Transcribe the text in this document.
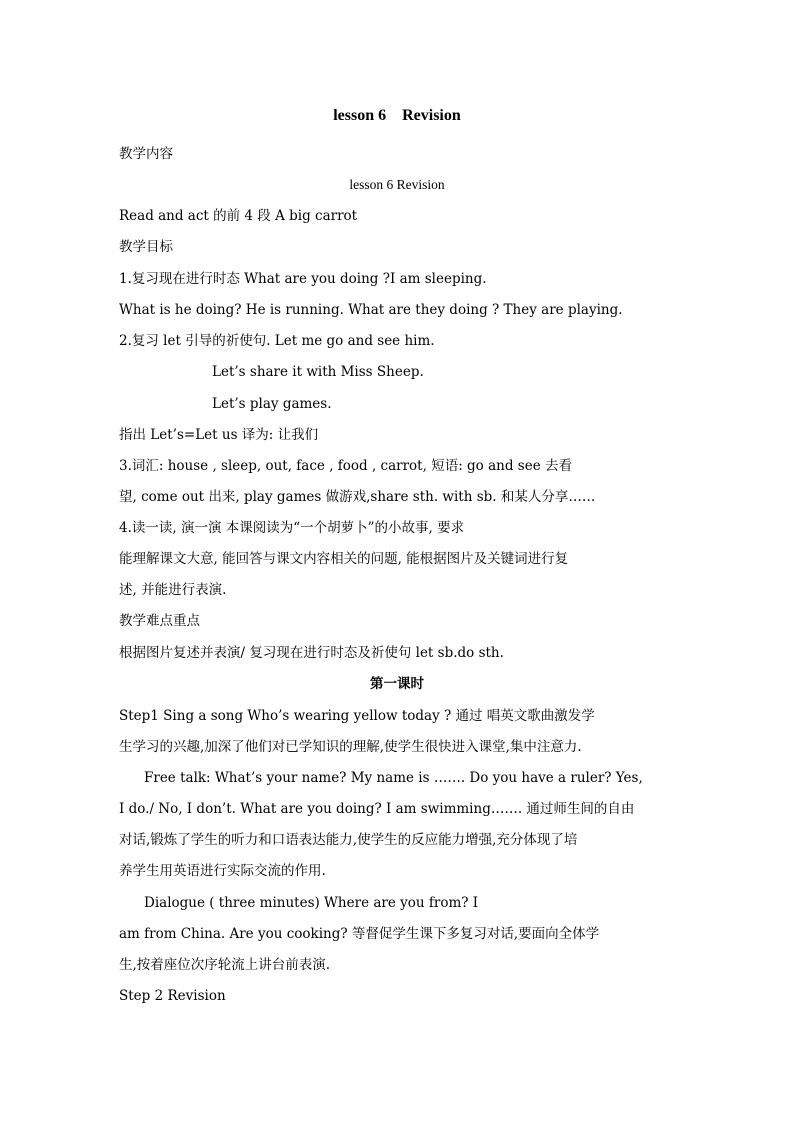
lesson 6    Revision
教学内容
lesson 6 Revision
Read and act 的前 4 段 A big carrot
教学目标
1.复习现在进行时态 What are you doing ?I am sleeping.
What is he doing? He is running. What are they doing ? They are playing.
2.复习 let 引导的祈使句. Let me go and see him.
Let’s share it with Miss Sheep.
Let’s play games.
指出 Let’s=Let us 译为: 让我们
3.词汇: house , sleep, out, face , food , carrot, 短语: go and see 去看
望, come out 出来, play games 做游戏,share sth. with sb. 和某人分享……
4.读一读, 演一演 本课阅读为“一个胡萝卜”的小故事, 要求
能理解课文大意, 能回答与课文内容相关的问题, 能根据图片及关键词进行复
述, 并能进行表演.
教学难点重点
根据图片复述并表演/ 复习现在进行时态及祈使句 let sb.do sth.
第一课时
Step1 Sing a song Who’s wearing yellow today ? 通过 唱英文歌曲激发学
生学习的兴趣,加深了他们对已学知识的理解,使学生很快进入课堂,集中注意力.
Free talk: What’s your name? My name is ……. Do you have a ruler? Yes,
I do./ No, I don’t. What are you doing? I am swimming……. 通过师生间的自由
对话,锻炼了学生的听力和口语表达能力,使学生的反应能力增强,充分体现了培
养学生用英语进行实际交流的作用.
Dialogue ( three minutes) Where are you from? I
am from China. Are you cooking? 等督促学生课下多复习对话,要面向全体学
生,按着座位次序轮流上讲台前表演.
Step 2 Revision
